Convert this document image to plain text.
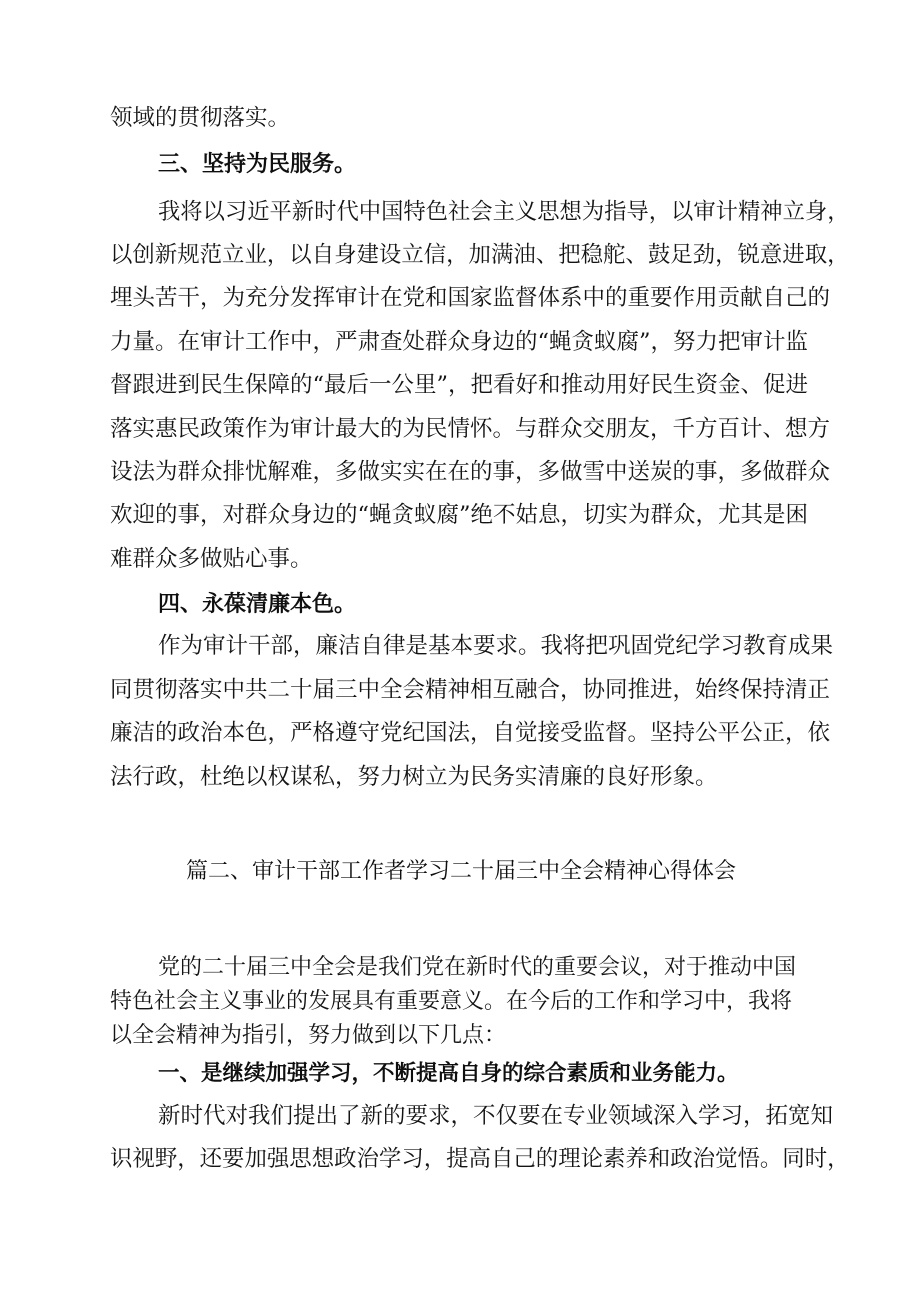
领域的贯彻落实。
三、坚持为民服务。
我将以习近平新时代中国特色社会主义思想为指导，以审计精神立身，
以创新规范立业，以自身建设立信，加满油、把稳舵、鼓足劲，锐意进取，
埋头苦干，为充分发挥审计在党和国家监督体系中的重要作用贡献自己的
力量。在审计工作中，严肃查处群众身边的“蝇贪蚁腐”，努力把审计监
督跟进到民生保障的“最后一公里”，把看好和推动用好民生资金、促进
落实惠民政策作为审计最大的为民情怀。与群众交朋友，千方百计、想方
设法为群众排忧解难，多做实实在在的事，多做雪中送炭的事，多做群众
欢迎的事，对群众身边的“蝇贪蚁腐”绝不姑息，切实为群众，尤其是困
难群众多做贴心事。
四、永葆清廉本色。
作为审计干部，廉洁自律是基本要求。我将把巩固党纪学习教育成果
同贯彻落实中共二十届三中全会精神相互融合，协同推进，始终保持清正
廉洁的政治本色，严格遵守党纪国法，自觉接受监督。坚持公平公正，依
法行政，杜绝以权谋私，努力树立为民务实清廉的良好形象。
篇二、审计干部工作者学习二十届三中全会精神心得体会
党的二十届三中全会是我们党在新时代的重要会议，对于推动中国
特色社会主义事业的发展具有重要意义。在今后的工作和学习中，我将
以全会精神为指引，努力做到以下几点：
一、是继续加强学习，不断提高自身的综合素质和业务能力。
新时代对我们提出了新的要求，不仅要在专业领域深入学习，拓宽知
识视野，还要加强思想政治学习，提高自己的理论素养和政治觉悟。同时，
